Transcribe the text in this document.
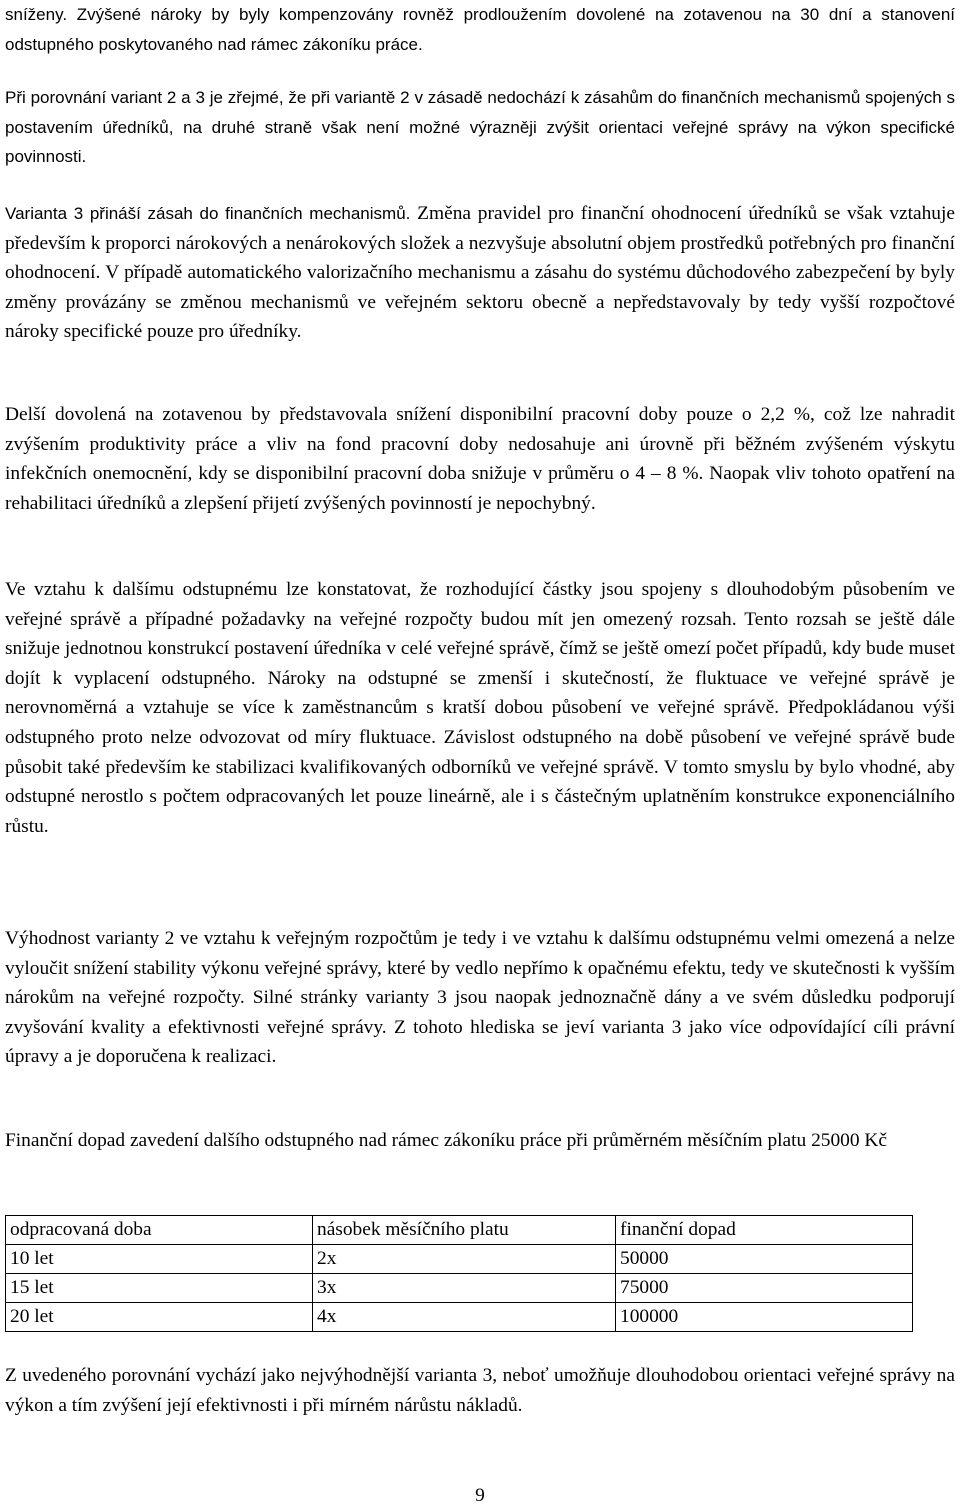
sníženy. Zvýšené nároky by byly kompenzovány rovněž prodloužením dovolené na zotavenou na 30 dní a stanovení odstupného poskytovaného nad rámec zákoníku práce.

Při porovnání variant 2 a 3 je zřejmé, že při variantě 2 v zásadě nedochází k zásahům do finančních mechanismů spojených s postavením úředníků, na druhé straně však není možné výrazněji zvýšit orientaci veřejné správy na výkon specifické povinnosti.

Varianta 3 přináší zásah do finančních mechanismů. Změna pravidel pro finanční ohodnocení úředníků se však vztahuje především k proporci nárokových a nenárokových složek a nezvyšuje absolutní objem prostředků potřebných pro finanční ohodnocení. V případě automatického valorizačního mechanismu a zásahu do systému důchodového zabezpečení by byly změny provázány se změnou mechanismů ve veřejném sektoru obecně a nepředstavovaly by tedy vyšší rozpočtové nároky specifické pouze pro úředníky.

Delší dovolená na zotavenou by představovala snížení disponibilní pracovní doby pouze o 2,2 %, což lze nahradit zvýšením produktivity práce a vliv na fond pracovní doby nedosahuje ani úrovně při běžném zvýšeném výskytu infekčních onemocnění, kdy se disponibilní pracovní doba snižuje v průměru o 4 – 8 %. Naopak vliv tohoto opatření na rehabilitaci úředníků a zlepšení přijetí zvýšených povinností je nepochybný.

Ve vztahu k dalšímu odstupnému lze konstatovat, že rozhodující částky jsou spojeny s dlouhodobým působením ve veřejné správě a případné požadavky na veřejné rozpočty budou mít jen omezený rozsah. Tento rozsah se ještě dále snižuje jednotnou konstrukcí postavení úředníka v celé veřejné správě, čímž se ještě omezí počet případů, kdy bude muset dojít k vyplacení odstupného. Nároky na odstupné se zmenší i skutečností, že fluktuace ve veřejné správě je nerovnoměrná a vztahuje se více k zaměstnancům s kratší dobou působení ve veřejné správě. Předpokládanou výši odstupného proto nelze odvozovat od míry fluktuace. Závislost odstupného na době působení ve veřejné správě bude působit také především ke stabilizaci kvalifikovaných odborníků ve veřejné správě. V tomto smyslu by bylo vhodné, aby odstupné nerostlo s počtem odpracovaných let pouze lineárně, ale i s částečným uplatněním konstrukce exponenciálního růstu.

Výhodnost varianty 2 ve vztahu k veřejným rozpočtům je tedy i ve vztahu k dalšímu odstupnému velmi omezená a nelze vyloučit snížení stability výkonu veřejné správy, které by vedlo nepřímo k opačnému efektu, tedy ve skutečnosti k vyšším nárokům na veřejné rozpočty. Silné stránky varianty 3 jsou naopak jednoznačně dány a ve svém důsledku podporují zvyšování kvality a efektivnosti veřejné správy. Z tohoto hlediska se jeví varianta 3 jako více odpovídající cíli právní úpravy a je doporučena k realizaci.

Finanční dopad zavedení dalšího odstupného nad rámec zákoníku práce při průměrném měsíčním platu 25000 Kč

odpracovaná doba	násobek měsíčního platu	finanční dopad
10 let	2x	50000
15 let	3x	75000
20 let	4x	100000

Z uvedeného porovnání vychází jako nejvýhodnější varianta 3, neboť umožňuje dlouhodobou orientaci veřejné správy na výkon a tím zvýšení její efektivnosti i při mírném nárůstu nákladů.

9
